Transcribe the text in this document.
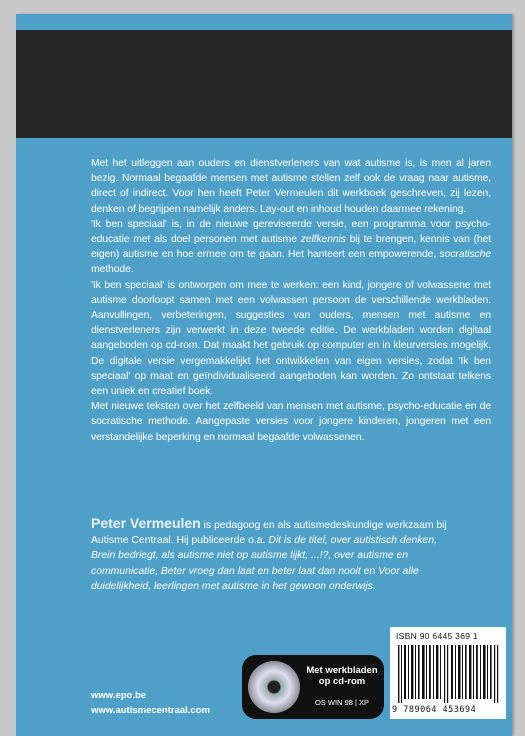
Met het uitleggen aan ouders en dienstverleners van wat autisme is, is men al jaren bezig. Normaal begaafde mensen met autisme stellen zelf ook de vraag naar autisme, direct of indirect. Voor hen heeft Peter Vermeulen dit werkboek geschreven, zij lezen, denken of begrijpen namelijk anders. Lay-out en inhoud houden daarmee rekening.

'Ik ben speciaal' is, in de nieuwe gereviseerde versie, een programma voor psycho-educatie met als doel personen met autisme zelfkennis bij te brengen, kennis van (het eigen) autisme en hoe ermee om te gaan. Het hanteert een empowerende, socratische methode.

'Ik ben speciaal' is ontworpen om mee te werken: een kind, jongere of volwassene met autisme doorloopt samen met een volwassen persoon de verschillende werkbladen. Aanvullingen, verbeteringen, suggesties van ouders, mensen met autisme en dienstverleners zijn verwerkt in deze tweede editie. De werkbladen worden digitaal aangeboden op cd-rom. Dat maakt het gebruik op computer en in kleurversies mogelijk. De digitale versie vergemakkelijkt het ontwikkelen van eigen versies, zodat 'Ik ben speciaal' op maat en geïndividualiseerd aangeboden kan worden. Zo ontstaat telkens een uniek en creatief boek.

Met nieuwe teksten over het zelfbeeld van mensen met autisme, psycho-educatie en de socratische methode. Aangepaste versies voor jongere kinderen, jongeren met een verstandelijke beperking en normaal begaafde volwassenen.

Peter Vermeulen is pedagoog en als autismedeskundige werkzaam bij Autisme Centraal. Hij publiceerde o.a. Dit is de titel, over autistisch denken, Brein bedriegt, als autisme niet op autisme lijkt, ...!?, over autisme en communicatie, Beter vroeg dan laat en beter laat dan nooit en Voor alle duidelijkheid, leerlingen met autisme in het gewoon onderwijs.
www.epo.be
www.autismecentraal.com
Met werkbladen
op cd-rom
OS WIN 98 | XP
ISBN 90 6445 369 1
9 789064 453694
